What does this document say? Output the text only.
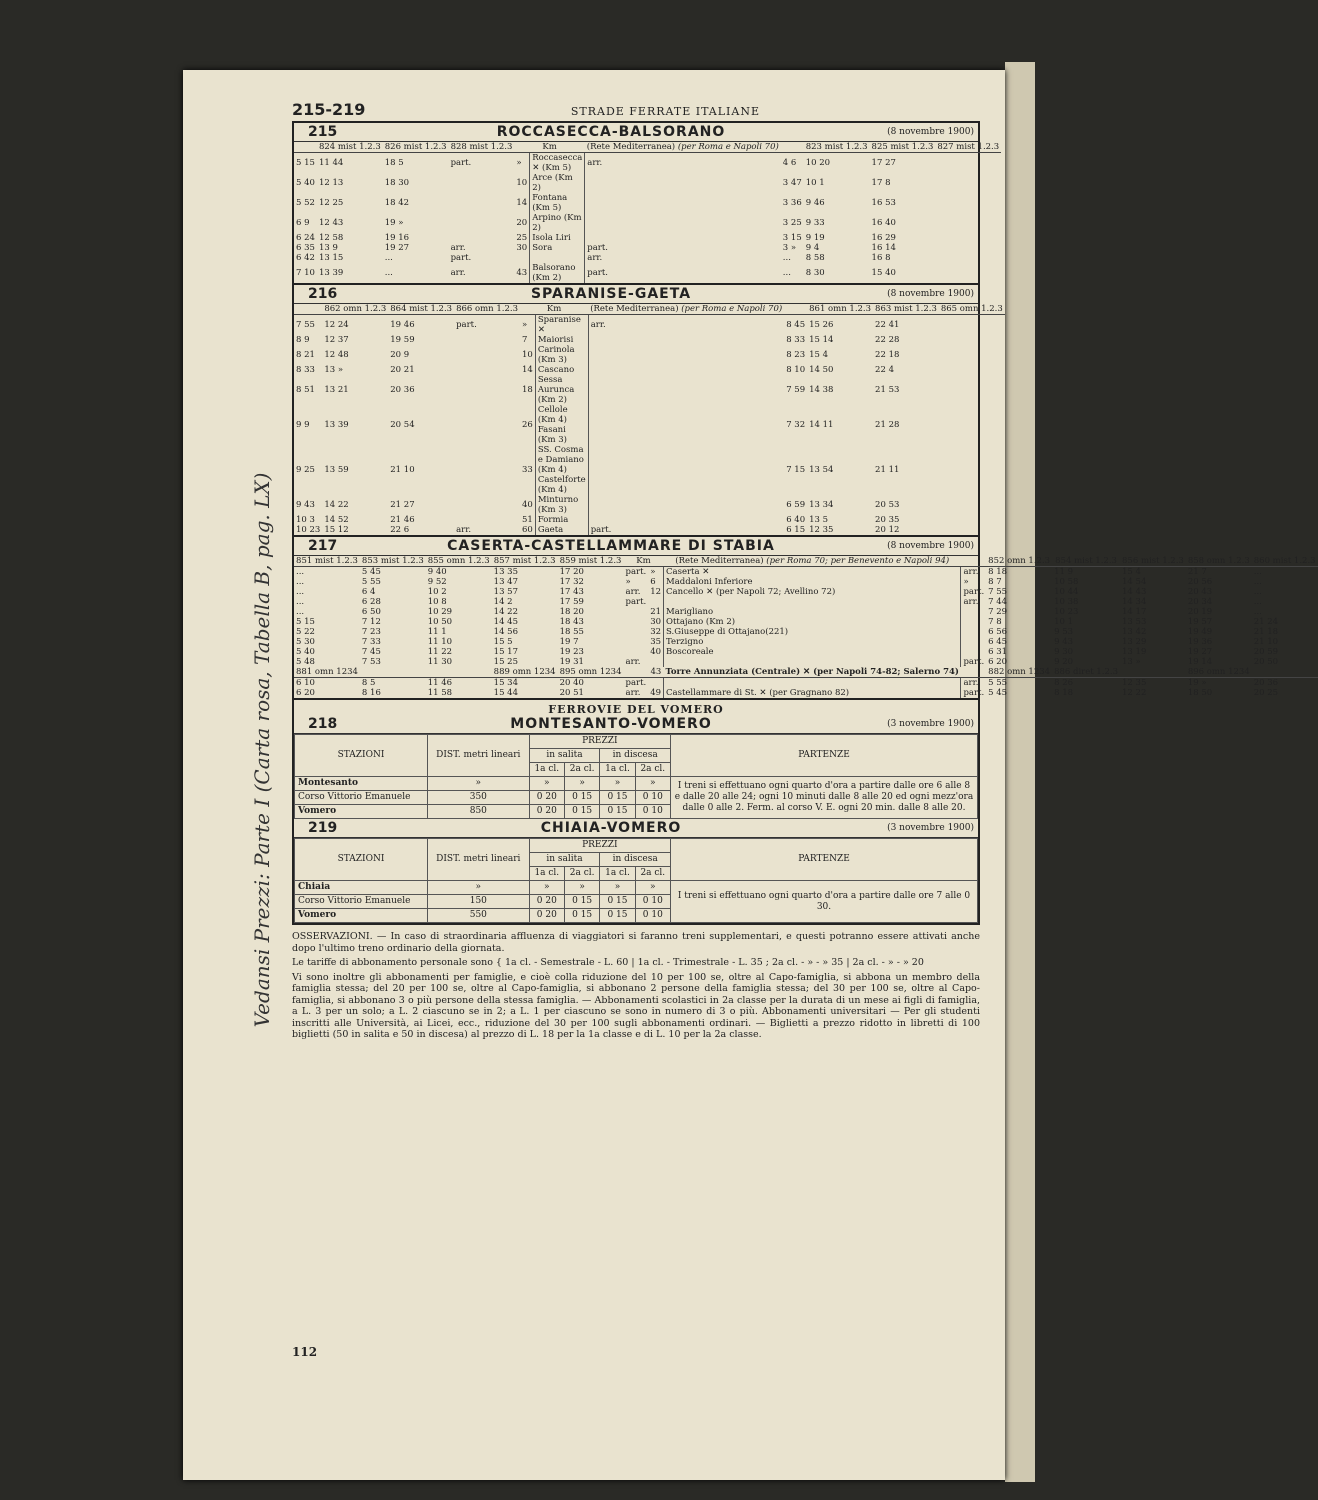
Vedansi Prezzi: Parte I (Carta rosa, Tabella B, pag. LX)
215-219	STRADE FERRATE ITALIANE
215	ROCCASECCA-BALSORANO	(8 novembre 1900)
	824 mist 1.2.3	826 mist 1.2.3	828 mist 1.2.3	Km		(Rete Mediterranea) (per Roma e Napoli 70)		823 mist 1.2.3	825 mist 1.2.3	827 mist 1.2.3
5 15	11 44	18 5	part.	»	Roccasecca ✕ (Km 5)	arr.	4 6	10 20	17 27	
5 40	12 13	18 30		10	Arce (Km 2)		3 47	10 1	17 8	
5 52	12 25	18 42		14	Fontana (Km 5)		3 36	9 46	16 53	
6 9	12 43	19 »		20	Arpino (Km 2)		3 25	9 33	16 40	
6 24	12 58	19 16		25	Isola Liri		3 15	9 19	16 29	
6 35	13 9	19 27	arr.	30	Sora	part.	3 »	9 4	16 14	
6 42	13 15	...	part.			arr.	...	8 58	16 8	
7 10	13 39	...	arr.	43	Balsorano (Km 2)	part.	...	8 30	15 40	
216	SPARANISE-GAETA	(8 novembre 1900)
	862 omn 1.2.3	864 mist 1.2.3	866 omn 1.2.3	Km		(Rete Mediterranea) (per Roma e Napoli 70)		861 omn 1.2.3	863 mist 1.2.3	865 omn 1.2.3
7 55	12 24	19 46	part.	»	Sparanise ✕	arr.	8 45	15 26	22 41	
8 9	12 37	19 59		7	Maiorisi		8 33	15 14	22 28	
8 21	12 48	20 9		10	Carinola (Km 3)		8 23	15 4	22 18	
8 33	13 »	20 21		14	Cascano		8 10	14 50	22 4	
8 51	13 21	20 36		18	Sessa Aurunca (Km 2)		7 59	14 38	21 53	
9 9	13 39	20 54		26	Cellole (Km 4) Fasani (Km 3)		7 32	14 11	21 28	
9 25	13 59	21 10		33	SS. Cosma e Damiano (Km 4) Castelforte (Km 4)		7 15	13 54	21 11	
9 43	14 22	21 27		40	Minturno (Km 3)		6 59	13 34	20 53	
10 3	14 52	21 46		51	Formia		6 40	13 5	20 35	
10 23	15 12	22 6	arr.	60	Gaeta	part.	6 15	12 35	20 12	
217	CASERTA-CASTELLAMMARE DI STABIA	(8 novembre 1900)
851 mist 1.2.3	853 mist 1.2.3	855 omn 1.2.3	857 mist 1.2.3	859 mist 1.2.3	Km		(Rete Mediterranea) (per Roma 70; per Benevento e Napoli 94)		852 omn 1.2.3	854 mist 1.2.3	856 mist 1.2.3	858 omn 1.2.3	860 mist 1.2.3
...	5 45	9 40	13 35	17 20	part.	»	Caserta ✕	arr.	8 18	11 9	15 4	21 7	...
...	5 55	9 52	13 47	17 32	»	6	Maddaloni Inferiore	»	8 7	10 58	14 54	20 56	...
...	6 4	10 2	13 57	17 43	arr.	12	Cancello ✕ (per Napoli 72; Avellino 72)	part.	7 55	10 44	14 43	20 43	...
...	6 28	10 8	14 2	17 59	part.			arr.	7 44	10 38	14 34	20 34	...
...	6 50	10 29	14 22	18 20		21	Marigliano		7 29	10 23	14 17	20 19	...
5 15	7 12	10 50	14 45	18 43		30	Ottajano (Km 2)		7 8	10 1	13 53	19 57	21 24
5 22	7 23	11 1	14 56	18 55		32	S.Giuseppe di Ottajano(221)		6 56	9 53	13 42	19 49	21 18
5 30	7 33	11 10	15 5	19 7		35	Terzigno		6 45	9 43	13 29	19 36	21 10
5 40	7 45	11 22	15 17	19 23		40	Boscoreale		6 31	9 30	13 19	19 27	20 59
5 48	7 53	11 30	15 25	19 31	arr.			part.	6 20	9 20	13 »	19 14	20 50
881 omn 1234			889 omn 1234	895 omn 1234		43	Torre Annunziata (Centrale) ✕ (per Napoli 74-82; Salerno 74)		882 omn 1234	886 diret 1.2.3		896 omn 1234	
6 10	8 5	11 46	15 34	20 40	part.			arr.	5 55	8 26	12 35	19 »	20 36
6 20	8 16	11 58	15 44	20 51	arr.	49	Castellammare di St. ✕ (per Gragnano 82)	part.	5 45	8 18	12 22	18 50	20 25
FERROVIE DEL VOMERO
218	MONTESANTO-VOMERO	(3 novembre 1900)
STAZIONI	DIST. metri lineari	PREZZI				PARTENZE
		in salita		in discesa		
		1a cl.	2a cl.	1a cl.	2a cl.	
Montesanto	»	»	»	»	»	I treni si effettuano ogni quarto d'ora a partire dalle ore 6 alle 8 e dalle 20 alle 24; ogni 10 minuti dalle 8 alle 20 ed ogni mezz'ora dalle 0 alle 2. Ferm. al corso V. E. ogni 20 min. dalle 8 alle 20.
Corso Vittorio Emanuele	350	0 20	0 15	0 15	0 10	
Vomero	850	0 20	0 15	0 15	0 10	
219	CHIAIA-VOMERO	(3 novembre 1900)
STAZIONI	DIST. metri lineari	PREZZI				PARTENZE
		in salita		in discesa		
		1a cl.	2a cl.	1a cl.	2a cl.	
Chiaia	»	»	»	»	»	I treni si effettuano ogni quarto d'ora a partire dalle ore 7 alle 0 30.
Corso Vittorio Emanuele	150	0 20	0 15	0 15	0 10	
Vomero	550	0 20	0 15	0 15	0 10	

OSSERVAZIONI. — In caso di straordinaria affluenza di viaggiatori si faranno treni supplementari, e questi potranno essere attivati anche dopo l'ultimo treno ordinario della giornata.

Le tariffe di abbonamento personale sono { 1a cl. - Semestrale - L. 60 | 1a cl. - Trimestrale - L. 35 ; 2a cl. - » - » 35 | 2a cl. - » - » 20

Vi sono inoltre gli abbonamenti per famiglie, e cioè colla riduzione del 10 per 100 se, oltre al Capo-famiglia, si abbona un membro della famiglia stessa; del 20 per 100 se, oltre al Capo-famiglia, si abbonano 2 persone della famiglia stessa; del 30 per 100 se, oltre al Capo-famiglia, si abbonano 3 o più persone della stessa famiglia. — Abbonamenti scolastici in 2a classe per la durata di un mese ai figli di famiglia, a L. 3 per un solo; a L. 2 ciascuno se in 2; a L. 1 per ciascuno se sono in numero di 3 o più. Abbonamenti universitari — Per gli studenti inscritti alle Università, ai Licei, ecc., riduzione del 30 per 100 sugli abbonamenti ordinari. — Biglietti a prezzo ridotto in libretti di 100 biglietti (50 in salita e 50 in discesa) al prezzo di L. 18 per la 1a classe e di L. 10 per la 2a classe.

112
